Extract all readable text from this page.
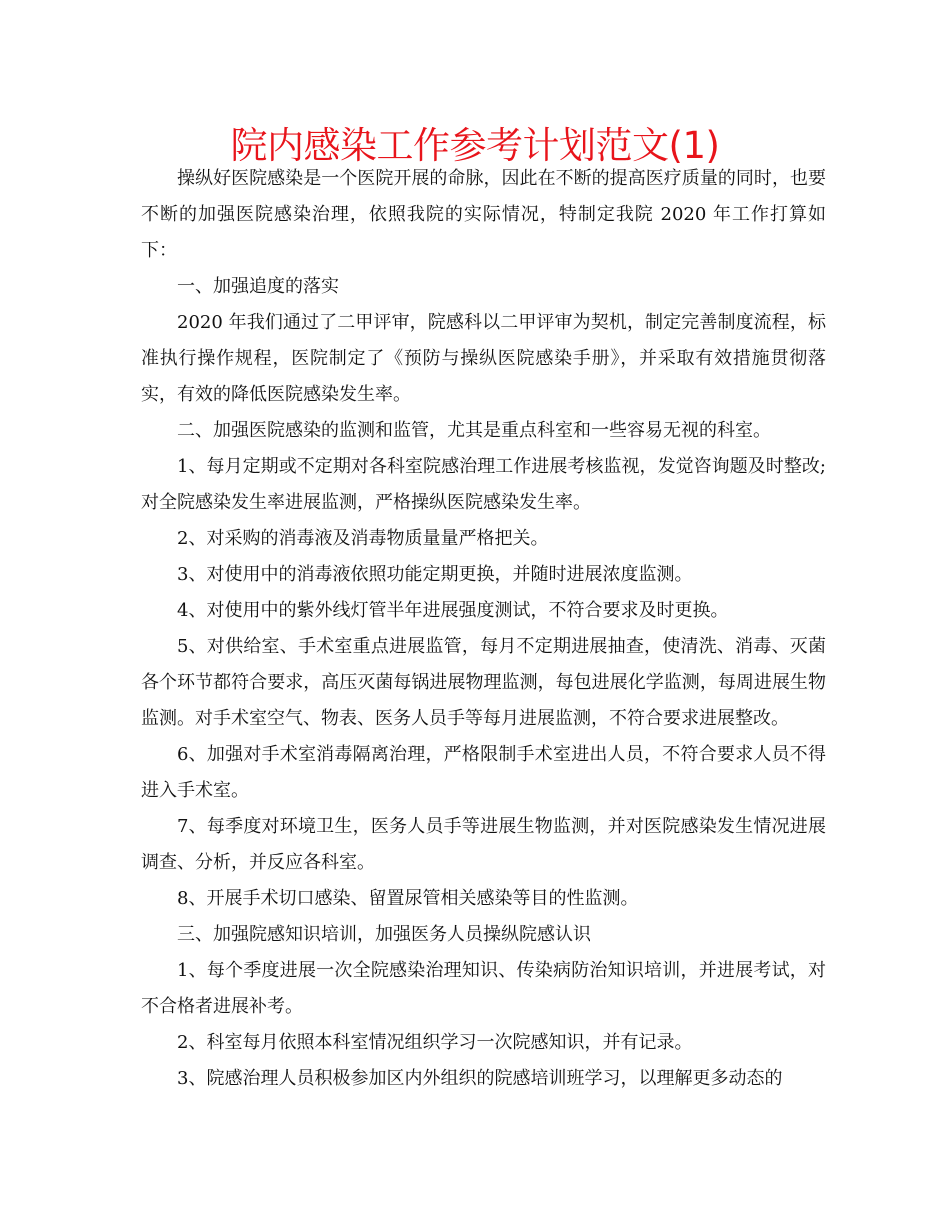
院内感染工作参考计划范文(1)

操纵好医院感染是一个医院开展的命脉，因此在不断的提高医疗质量的同时，也要不断的加强医院感染治理，依照我院的实际情况，特制定我院 2020 年工作打算如下：

一、加强追度的落实

2020 年我们通过了二甲评审，院感科以二甲评审为契机，制定完善制度流程，标准执行操作规程，医院制定了《预防与操纵医院感染手册》，并采取有效措施贯彻落实，有效的降低医院感染发生率。

二、加强医院感染的监测和监管，尤其是重点科室和一些容易无视的科室。

1、每月定期或不定期对各科室院感治理工作进展考核监视，发觉咨询题及时整改;对全院感染发生率进展监测，严格操纵医院感染发生率。

2、对采购的消毒液及消毒物质量量严格把关。

3、对使用中的消毒液依照功能定期更换，并随时进展浓度监测。

4、对使用中的紫外线灯管半年进展强度测试，不符合要求及时更换。

5、对供给室、手术室重点进展监管，每月不定期进展抽查，使清洗、消毒、灭菌各个环节都符合要求，高压灭菌每锅进展物理监测，每包进展化学监测，每周进展生物监测。对手术室空气、物表、医务人员手等每月进展监测，不符合要求进展整改。

6、加强对手术室消毒隔离治理，严格限制手术室进出人员，不符合要求人员不得进入手术室。

7、每季度对环境卫生，医务人员手等进展生物监测，并对医院感染发生情况进展调查、分析，并反应各科室。

8、开展手术切口感染、留置尿管相关感染等目的性监测。

三、加强院感知识培训，加强医务人员操纵院感认识

1、每个季度进展一次全院感染治理知识、传染病防治知识培训，并进展考试，对不合格者进展补考。

2、科室每月依照本科室情况组织学习一次院感知识，并有记录。

3、院感治理人员积极参加区内外组织的院感培训班学习，以理解更多动态的
